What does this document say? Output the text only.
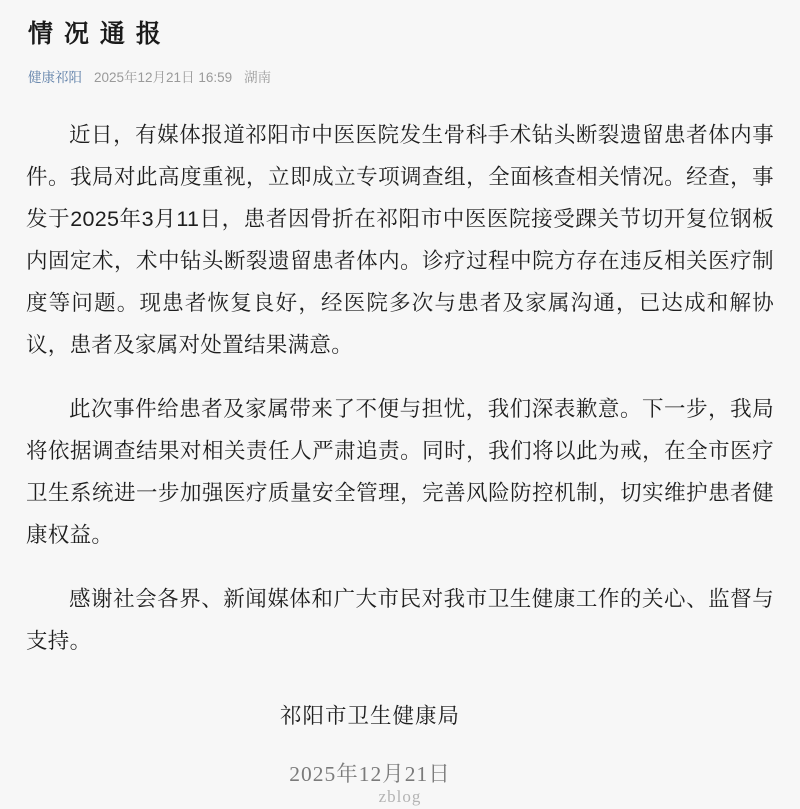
情 况 通 报
健康祁阳 2025年12月21日 16:59 湖南

近日，有媒体报道祁阳市中医医院发生骨科手术钻头断裂遗留患者体内事件。我局对此高度重视，立即成立专项调查组，全面核查相关情况。经查，事发于2025年3月11日，患者因骨折在祁阳市中医医院接受踝关节切开复位钢板内固定术，术中钻头断裂遗留患者体内。诊疗过程中院方存在违反相关医疗制度等问题。现患者恢复良好，经医院多次与患者及家属沟通，已达成和解协议，患者及家属对处置结果满意。

此次事件给患者及家属带来了不便与担忧，我们深表歉意。下一步，我局将依据调查结果对相关责任人严肃追责。同时，我们将以此为戒，在全市医疗卫生系统进一步加强医疗质量安全管理，完善风险防控机制，切实维护患者健康权益。

感谢社会各界、新闻媒体和广大市民对我市卫生健康工作的关心、监督与支持。

祁阳市卫生健康局
2025年12月21日
zblog
